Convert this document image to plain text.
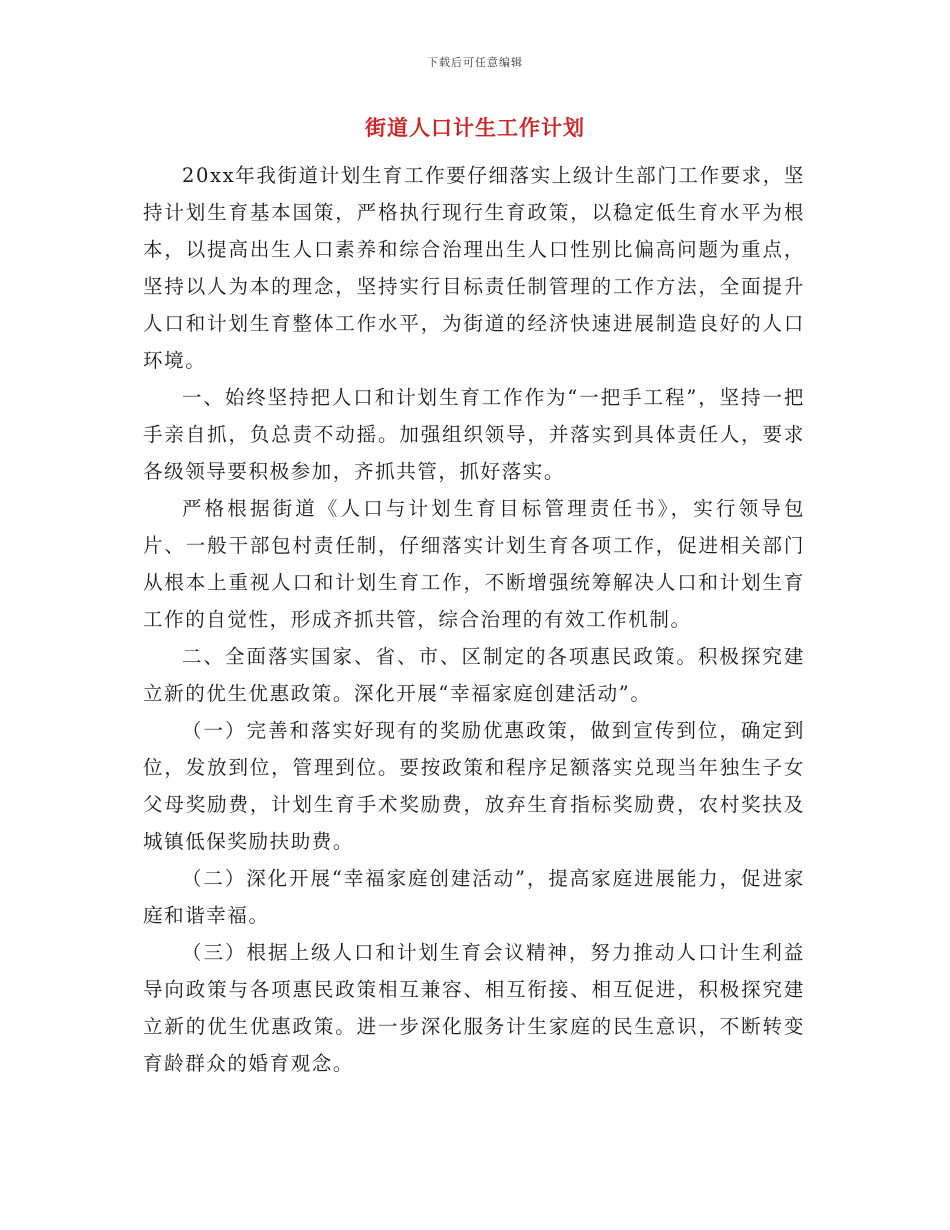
下载后可任意编辑
街道人口计生工作计划

20xx年我街道计划生育工作要仔细落实上级计生部门工作要求，坚持计划生育基本国策，严格执行现行生育政策，以稳定低生育水平为根本，以提高出生人口素养和综合治理出生人口性别比偏高问题为重点，坚持以人为本的理念，坚持实行目标责任制管理的工作方法，全面提升人口和计划生育整体工作水平，为街道的经济快速进展制造良好的人口环境。

一、始终坚持把人口和计划生育工作作为“一把手工程”，坚持一把手亲自抓，负总责不动摇。加强组织领导，并落实到具体责任人，要求各级领导要积极参加，齐抓共管，抓好落实。

严格根据街道《人口与计划生育目标管理责任书》，实行领导包片、一般干部包村责任制，仔细落实计划生育各项工作，促进相关部门从根本上重视人口和计划生育工作，不断增强统筹解决人口和计划生育工作的自觉性，形成齐抓共管，综合治理的有效工作机制。

二、全面落实国家、省、市、区制定的各项惠民政策。积极探究建立新的优生优惠政策。深化开展“幸福家庭创建活动”。

（一）完善和落实好现有的奖励优惠政策，做到宣传到位，确定到位，发放到位，管理到位。要按政策和程序足额落实兑现当年独生子女父母奖励费，计划生育手术奖励费，放弃生育指标奖励费，农村奖扶及城镇低保奖励扶助费。

（二）深化开展“幸福家庭创建活动”，提高家庭进展能力，促进家庭和谐幸福。

（三）根据上级人口和计划生育会议精神，努力推动人口计生利益导向政策与各项惠民政策相互兼容、相互衔接、相互促进，积极探究建立新的优生优惠政策。进一步深化服务计生家庭的民生意识，不断转变育龄群众的婚育观念。
